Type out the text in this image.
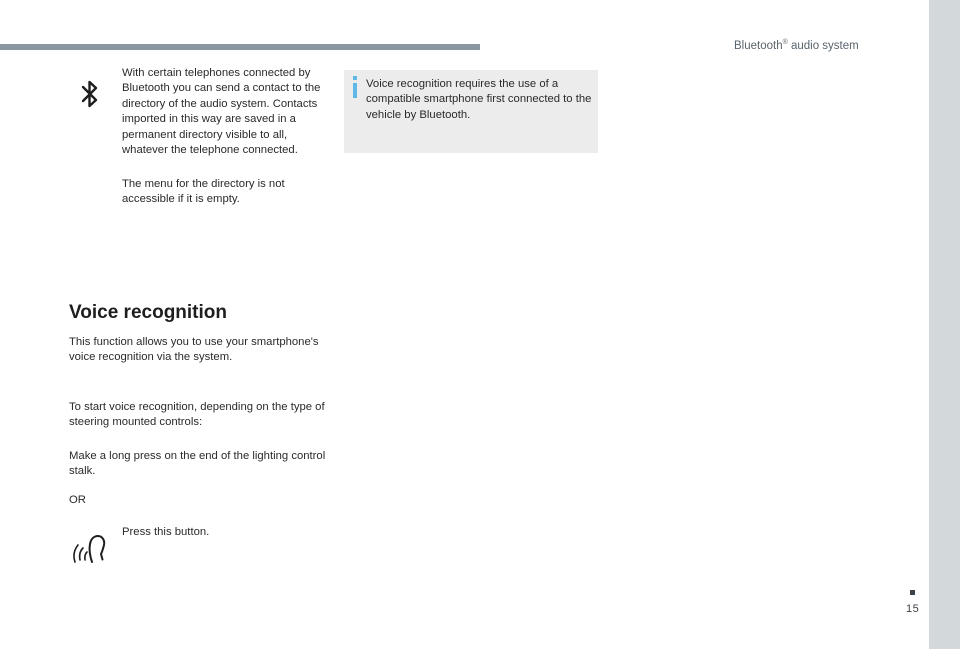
Bluetooth® audio system

With certain telephones connected by Bluetooth you can send a contact to the directory of the audio system. Contacts imported in this way are saved in a permanent directory visible to all, whatever the telephone connected.

The menu for the directory is not accessible if it is empty.

Voice recognition

This function allows you to use your smartphone's voice recognition via the system.

To start voice recognition, depending on the type of steering mounted controls:

Make a long press on the end of the lighting control stalk.

OR

Press this button.

Voice recognition requires the use of a compatible smartphone first connected to the vehicle by Bluetooth.
15
